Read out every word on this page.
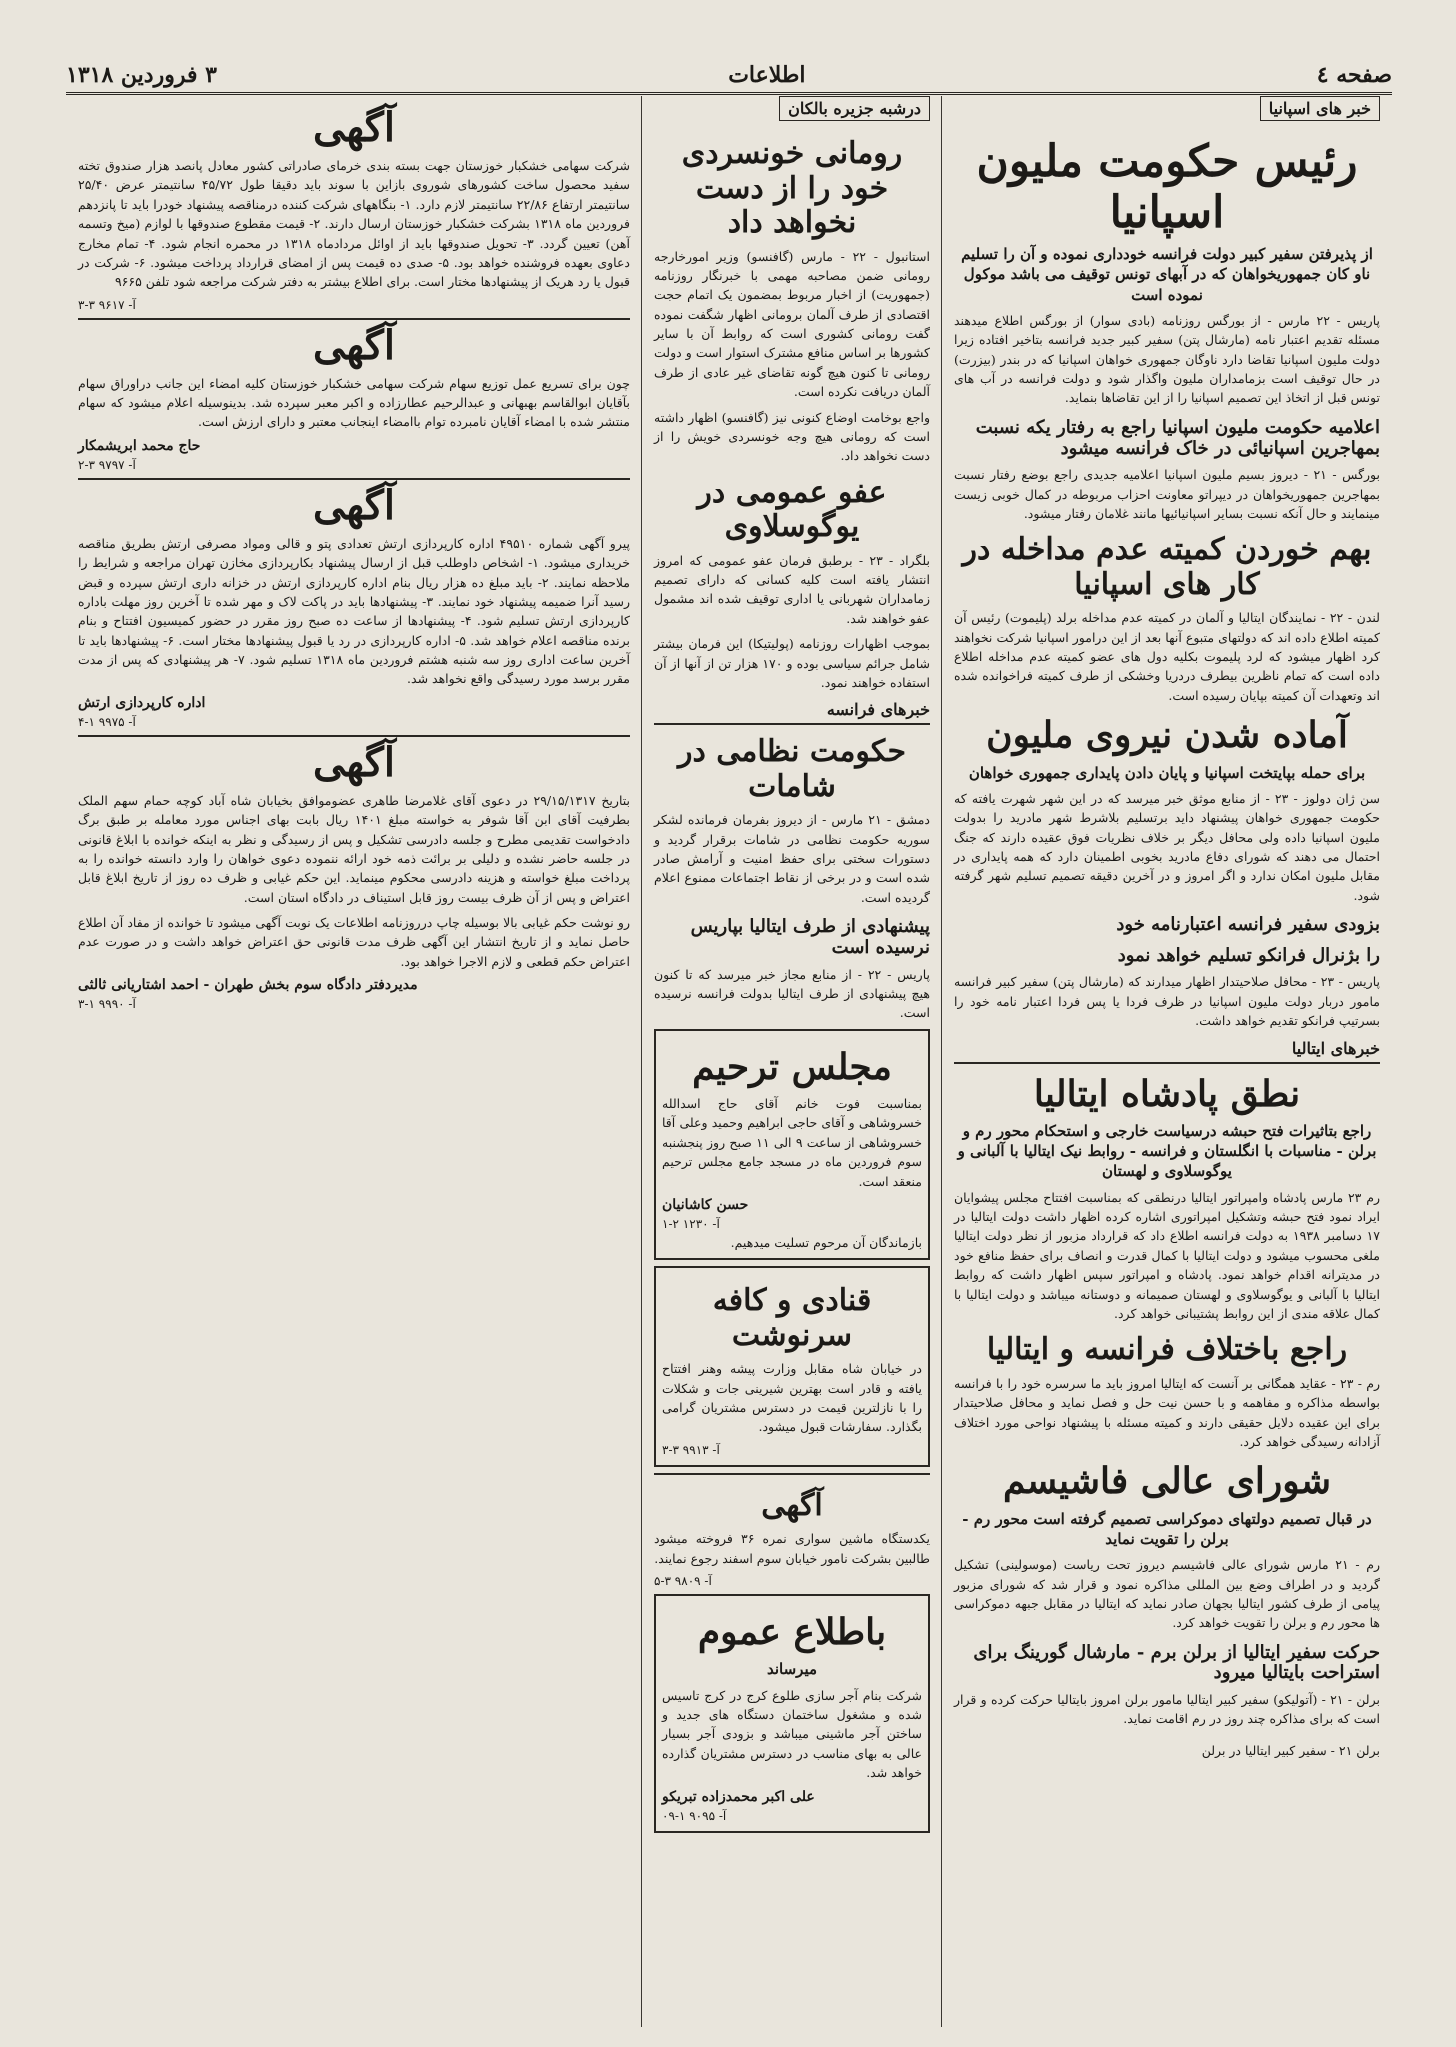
صفحه ٤
اطلاعات
۳ فروردین ۱۳۱۸
خبر های اسپانیا
رئیس حکومت ملیون اسپانیا
از پذیرفتن سفیر کبیر دولت فرانسه خودداری نموده و آن را تسلیم ناو کان جمهوریخواهان که در آبهای تونس توقیف می باشد موکول نموده است

پاریس - ۲۲ مارس - از بورگس روزنامه (بادی سوار) از بورگس اطلاع میدهند مسئله تقدیم اعتبار نامه (مارشال پتن) سفیر کبیر جدید فرانسه بتاخیر افتاده زیرا دولت ملیون اسپانیا تقاضا دارد ناوگان جمهوری خواهان اسپانیا که در بندر (بیزرت) در حال توقیف است بزمامداران ملیون واگذار شود و دولت فرانسه در آب های تونس قبل از اتخاذ این تصمیم اسپانیا را از این تقاضاها بنماید.

اعلامیه حکومت ملیون اسپانیا راجع به رفتار یکه نسبت بمهاجرین اسپانیائی در خاک فرانسه میشود

بورگس - ۲۱ - دیروز بسیم ملیون اسپانیا اعلامیه جدیدی راجع بوضع رفتار نسبت بمهاجرین جمهوریخواهان در دیپراتو معاونت احزاب مربوطه در کمال خوبی زیست مینمایند و حال آنکه نسبت بسایر اسپانیائیها مانند غلامان رفتار میشود.

بهم خوردن کمیته عدم مداخله در کار های اسپانیا

لندن - ۲۲ - نمایندگان ایتالیا و آلمان در کمیته عدم مداخله برلد (پلیموت) رئیس آن کمیته اطلاع داده اند که دولتهای متبوع آنها بعد از این درامور اسپانیا شرکت نخواهند کرد اظهار میشود که لرد پلیموت بکلیه دول های عضو کمیته عدم مداخله اطلاع داده است که تمام ناظرین بیطرف دردریا وخشکی از طرف کمیته فراخوانده شده اند وتعهدات آن کمیته بپایان رسیده است.

آماده شدن نیروی ملیون
برای حمله بپایتخت اسپانیا و پایان دادن پایداری جمهوری خواهان

سن ژان دولوز - ۲۳ - از منابع موثق خبر میرسد که در این شهر شهرت یافته که حکومت جمهوری خواهان پیشنهاد داید برتسلیم بلاشرط شهر مادرید را بدولت ملیون اسپانیا داده ولی محافل دیگر بر خلاف نظریات فوق عقیده دارند که جنگ احتمال می دهند که شورای دفاع مادرید بخوبی اطمینان دارد که همه پایداری در مقابل ملیون امکان ندارد و اگر امروز و در آخرین دقیقه تصمیم تسلیم شهر گرفته شود.

بزودی سفیر فرانسه اعتبارنامه خود
را بژنرال فرانکو تسلیم خواهد نمود

پاریس - ۲۳ - محافل صلاحیتدار اظهار میدارند که (مارشال پتن) سفیر کبیر فرانسه مامور دربار دولت ملیون اسپانیا در ظرف فردا یا پس فردا اعتبار نامه خود را بسرتیپ فرانکو تقدیم خواهد داشت.

خبرهای ایتالیا
نطق پادشاه ایتالیا
راجع بتاثیرات فتح حبشه درسیاست خارجی و استحکام محور رم و برلن - مناسبات با انگلستان و فرانسه - روابط نیک ایتالیا با آلبانی و یوگوسلاوی و لهستان

رم ۲۳ مارس پادشاه وامپراتور ایتالیا درنطقی که بمناسبت افتتاح مجلس پیشوایان ایراد نمود فتح حبشه وتشکیل امپراتوری اشاره کرده اظهار داشت دولت ایتالیا در ۱۷ دسامبر ۱۹۳۸ به دولت فرانسه اطلاع داد که قرارداد مزبور از نظر دولت ایتالیا ملغی محسوب میشود و دولت ایتالیا با کمال قدرت و انصاف برای حفظ منافع خود در مدیترانه اقدام خواهد نمود. پادشاه و امپراتور سپس اظهار داشت که روابط ایتالیا با آلبانی و یوگوسلاوی و لهستان صمیمانه و دوستانه میباشد و دولت ایتالیا با کمال علاقه مندی از این روابط پشتیبانی خواهد کرد.

راجع باختلاف فرانسه و ایتالیا

رم - ۲۳ - عقاید همگانی بر آنست که ایتالیا امروز باید ما سرسره خود را با فرانسه بواسطه مذاکره و مفاهمه و با حسن نیت حل و فصل نماید و محافل صلاحیتدار برای این عقیده دلایل حقیقی دارند و کمیته مسئله با پیشنهاد نواحی مورد اختلاف آزادانه رسیدگی خواهد کرد.

شورای عالی فاشیسم
در قبال تصمیم دولتهای دموکراسی تصمیم گرفته است محور رم - برلن را تقویت نماید

رم - ۲۱ مارس شورای عالی فاشیسم دیروز تحت ریاست (موسولینی) تشکیل گردید و در اطراف وضع بین المللی مذاکره نمود و قرار شد که شورای مزبور پیامی از طرف کشور ایتالیا بجهان صادر نماید که ایتالیا در مقابل جبهه دموکراسی ها محور رم و برلن را تقویت خواهد کرد.

حرکت سفیر ایتالیا از برلن برم - مارشال گورینگ برای استراحت بایتالیا میرود

برلن - ۲۱ - (آتولیکو) سفیر کبیر ایتالیا مامور برلن امروز بایتالیا حرکت کرده و قرار است که برای مذاکره چند روز در رم اقامت نماید.

برلن ۲۱ - سفیر کبیر ایتالیا در برلن

درشبه جزیره بالکان
رومانی خونسردی خود را از دست نخواهد داد

استانبول - ۲۲ - مارس (گافنسو) وزیر امورخارجه رومانی ضمن مصاحبه مهمی با خبرنگار روزنامه (جمهوریت) از اخبار مربوط بمضمون یک اتمام حجت اقتصادی از طرف آلمان برومانی اظهار شگفت نموده گفت رومانی کشوری است که روابط آن با سایر کشورها بر اساس منافع مشترک استوار است و دولت رومانی تا کنون هیچ گونه تقاضای غیر عادی از طرف آلمان دریافت نکرده است.

واجع بوخامت اوضاع کنونی نیز (گافنسو) اظهار داشته است که رومانی هیچ وجه خونسردی خویش را از دست نخواهد داد.

عفو عمومی در یوگوسلاوی

بلگراد - ۲۳ - برطبق فرمان عفو عمومی که امروز انتشار یافته است کلیه کسانی که دارای تصمیم زمامداران شهربانی یا اداری توقیف شده اند مشمول عفو خواهند شد.

بموجب اظهارات روزنامه (پولیتیکا) این فرمان بیشتر شامل جرائم سیاسی بوده و ۱۷۰ هزار تن از آنها از آن استفاده خواهند نمود.

خبرهای فرانسه
حکومت نظامی در شامات

دمشق - ۲۱ مارس - از دیروز بفرمان فرمانده لشکر سوریه حکومت نظامی در شامات برقرار گردید و دستورات سختی برای حفظ امنیت و آرامش صادر شده است و در برخی از نقاط اجتماعات ممنوع اعلام گردیده است.

پیشنهادی از طرف ایتالیا بپاریس نرسیده است

پاریس - ۲۲ - از منابع مجاز خبر میرسد که تا کنون هیچ پیشنهادی از طرف ایتالیا بدولت فرانسه نرسیده است.

مجلس ترحیم

بمناسبت فوت خانم آقای حاج اسدالله خسروشاهی و آقای حاجی ابراهیم وحمید وعلی آقا خسروشاهی از ساعت ۹ الی ۱۱ صبح روز پنجشنبه سوم فروردین ماه در مسجد جامع مجلس ترحیم منعقد است.

حسن کاشانیان
آ- ۱۲۳۰ ۲-۱
بازماندگان آن مرحوم تسلیت میدهیم.
قنادی و کافه سرنوشت

در خیابان شاه مقابل وزارت پیشه وهنر افتتاح یافته و قادر است بهترین شیرینی جات و شکلات را با نازلترین قیمت در دسترس مشتریان گرامی بگذارد. سفارشات قبول میشود.

آ- ۹۹۱۳ ۳-۳
آگهی

یکدستگاه ماشین سواری نمره ۳۶ فروخته میشود طالبین بشرکت نامور خیابان سوم اسفند رجوع نمایند.

آ- ۹۸۰۹ ۳-۵
باطلاع عموم
میرساند

شرکت بنام آجر سازی طلوع کرج در کرج تاسیس شده و مشغول ساختمان دستگاه های جدید و ساختن آجر ماشینی میباشد و بزودی آجر بسیار عالی به بهای مناسب در دسترس مشتریان گذارده خواهد شد.

علی اکبر محمدزاده تبریکو
آ- ۹۰۹۵ ۱-۰۹
آگهی

شرکت سهامی خشکبار خوزستان جهت بسته بندی خرمای صادراتی کشور معادل پانصد هزار صندوق تخته سفید محصول ساخت کشورهای شوروی بازاین با سوند باید دقیقا طول ۴۵/۷۲ سانتیمتر عرض ۲۵/۴۰ سانتیمتر ارتفاع ۲۲/۸۶ سانتیمتر لازم دارد. ۱- بنگاههای شرکت کننده درمناقصه پیشنهاد خودرا باید تا پانزدهم فروردین ماه ۱۳۱۸ بشرکت خشکبار خوزستان ارسال دارند. ۲- قیمت مقطوع صندوقها با لوازم (میخ وتسمه آهن) تعیین گردد. ۳- تحویل صندوقها باید از اوائل مردادماه ۱۳۱۸ در محمره انجام شود. ۴- تمام مخارج دعاوی بعهده فروشنده خواهد بود. ۵- صدی ده قیمت پس از امضای قرارداد پرداخت میشود. ۶- شرکت در قبول یا رد هریک از پیشنهادها مختار است. برای اطلاع بیشتر به دفتر شرکت مراجعه شود تلفن ۹۶۶۵

آ- ۹۶۱۷ ۳-۳
آگهی

چون برای تسریع عمل توزیع سهام شرکت سهامی خشکبار خوزستان کلیه امضاء این جانب دراوراق سهام بآقایان ابوالقاسم بهبهانی و عبدالرحیم عطارزاده و اکبر معبر سپرده شد. بدینوسیله اعلام میشود که سهام منتشر شده با امضاء آقایان نامبرده توام باامضاء اینجانب معتبر و دارای ارزش است.

حاج محمد ابریشمکار
آ- ۹۷۹۷ ۳-۲
آگهی

پیرو آگهی شماره ۴۹۵۱۰ اداره کارپردازی ارتش تعدادی پتو و قالی ومواد مصرفی ارتش بطریق مناقصه خریداری میشود. ۱- اشخاص داوطلب قبل از ارسال پیشنهاد بکارپردازی مخازن تهران مراجعه و شرایط را ملاحظه نمایند. ۲- باید مبلغ ده هزار ریال بنام اداره کارپردازی ارتش در خزانه داری ارتش سپرده و قبض رسید آنرا ضمیمه پیشنهاد خود نمایند. ۳- پیشنهادها باید در پاکت لاک و مهر شده تا آخرین روز مهلت باداره کارپردازی ارتش تسلیم شود. ۴- پیشنهادها از ساعت ده صبح روز مقرر در حضور کمیسیون افتتاح و بنام برنده مناقصه اعلام خواهد شد. ۵- اداره کارپردازی در رد یا قبول پیشنهادها مختار است. ۶- پیشنهادها باید تا آخرین ساعت اداری روز سه شنبه هشتم فروردین ماه ۱۳۱۸ تسلیم شود. ۷- هر پیشنهادی که پس از مدت مقرر برسد مورد رسیدگی واقع نخواهد شد.

اداره کارپردازی ارتش
آ- ۹۹۷۵ ۱-۴
آگهی

بتاریخ ۲۹/۱۵/۱۳۱۷ در دعوی آقای غلامرضا طاهری عضوموافق بخیابان شاه آباد کوچه حمام سهم الملک بطرفیت آقای ابن آقا شوفر به خواسته مبلغ ۱۴۰۱ ریال بابت بهای اجناس مورد معامله بر طبق برگ دادخواست تقدیمی مطرح و جلسه دادرسی تشکیل و پس از رسیدگی و نظر به اینکه خوانده با ابلاغ قانونی در جلسه حاضر نشده و دلیلی بر برائت ذمه خود ارائه ننموده دعوی خواهان را وارد دانسته خوانده را به پرداخت مبلغ خواسته و هزینه دادرسی محکوم مینماید. این حکم غیابی و ظرف ده روز از تاریخ ابلاغ قابل اعتراض و پس از آن ظرف بیست روز قابل استیناف در دادگاه استان است.

رو نوشت حکم غیابی بالا بوسیله چاپ درروزنامه اطلاعات یک نوبت آگهی میشود تا خوانده از مفاد آن اطلاع حاصل نماید و از تاریخ انتشار این آگهی ظرف مدت قانونی حق اعتراض خواهد داشت و در صورت عدم اعتراض حکم قطعی و لازم الاجرا خواهد بود.

مدیردفتر دادگاه سوم بخش طهران - احمد اشتاریانی ثالثی
آ- ۹۹۹۰ ۱-۳
